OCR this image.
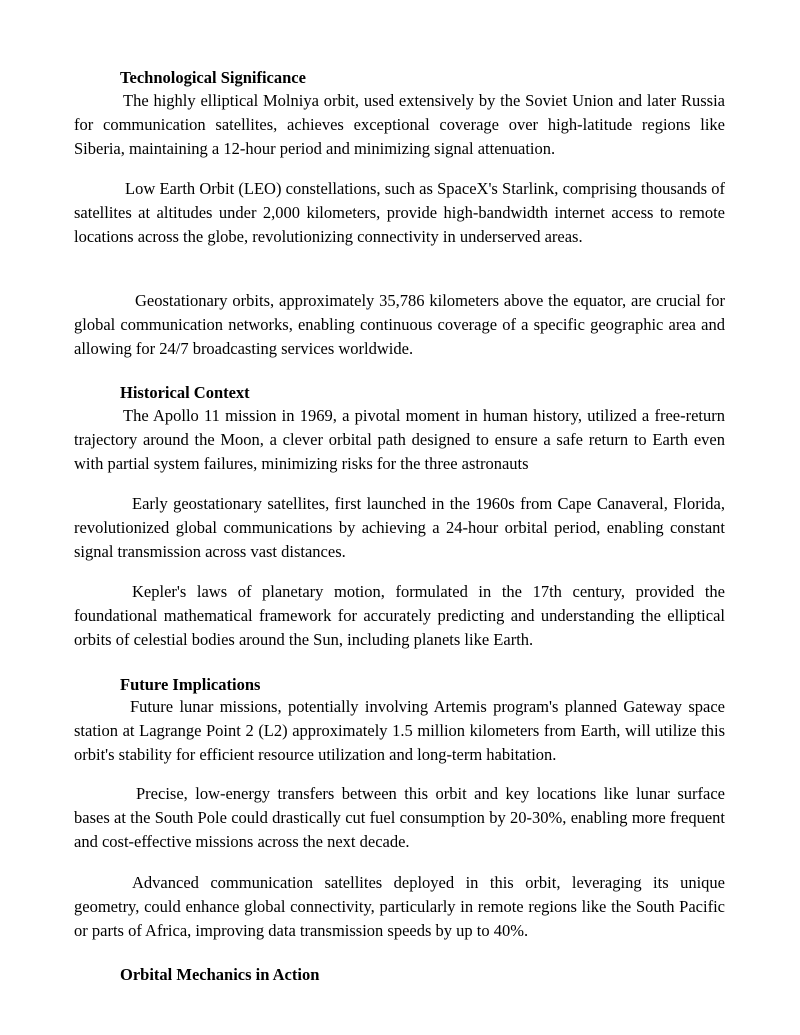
Technological Significance

The highly elliptical Molniya orbit, used extensively by the Soviet Union and later Russia for communication satellites, achieves exceptional coverage over high-latitude regions like Siberia, maintaining a 12-hour period and minimizing signal attenuation.

Low Earth Orbit (LEO) constellations, such as SpaceX's Starlink, comprising thousands of satellites at altitudes under 2,000 kilometers, provide high-bandwidth internet access to remote locations across the globe, revolutionizing connectivity in underserved areas.

Geostationary orbits, approximately 35,786 kilometers above the equator, are crucial for global communication networks, enabling continuous coverage of a specific geographic area and allowing for 24/7 broadcasting services worldwide.

Historical Context

The Apollo 11 mission in 1969, a pivotal moment in human history, utilized a free-return trajectory around the Moon, a clever orbital path designed to ensure a safe return to Earth even with partial system failures, minimizing risks for the three astronauts

Early geostationary satellites, first launched in the 1960s from Cape Canaveral, Florida, revolutionized global communications by achieving a 24-hour orbital period, enabling constant signal transmission across vast distances.

Kepler's laws of planetary motion, formulated in the 17th century, provided the foundational mathematical framework for accurately predicting and understanding the elliptical orbits of celestial bodies around the Sun, including planets like Earth.

Future Implications

Future lunar missions, potentially involving Artemis program's planned Gateway space station at Lagrange Point 2 (L2) approximately 1.5 million kilometers from Earth, will utilize this orbit's stability for efficient resource utilization and long-term habitation.

Precise, low-energy transfers between this orbit and key locations like lunar surface bases at the South Pole could drastically cut fuel consumption by 20-30%, enabling more frequent and cost-effective missions across the next decade.

Advanced communication satellites deployed in this orbit, leveraging its unique geometry, could enhance global connectivity, particularly in remote regions like the South Pacific or parts of Africa, improving data transmission speeds by up to 40%.

Orbital Mechanics in Action
